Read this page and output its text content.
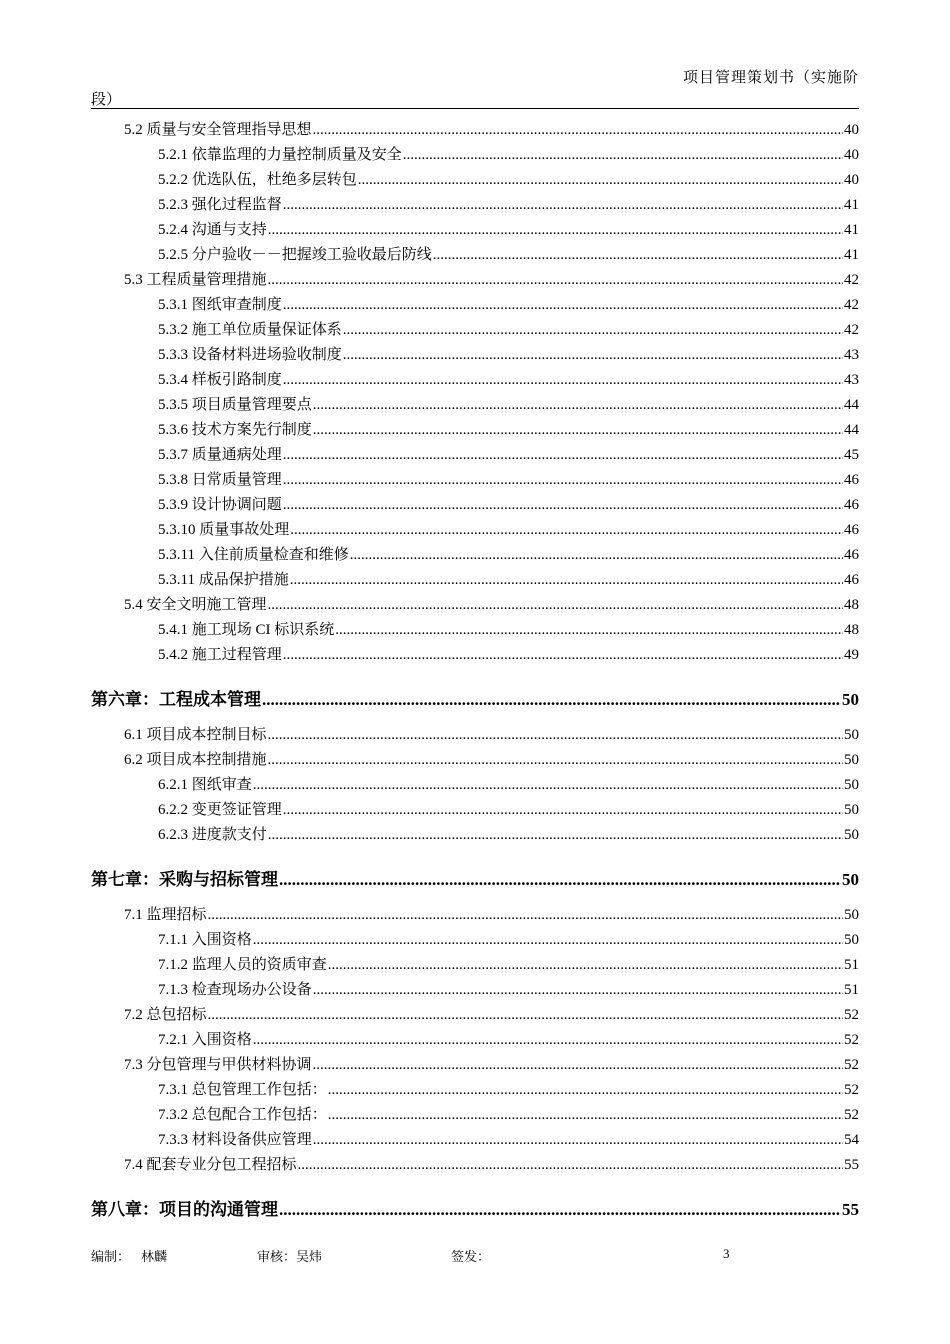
项目管理策划书（实施阶
段）
5.2 质量与安全管理指导思想 .....	40
5.2.1 依靠监理的力量控制质量及安全 .....	40
5.2.2 优选队伍，杜绝多层转包 .....	40
5.2.3 强化过程监督 .....	41
5.2.4 沟通与支持 .....	41
5.2.5 分户验收－－把握竣工验收最后防线 .....	41
5.3 工程质量管理措施 .....	42
5.3.1 图纸审查制度 .....	42
5.3.2 施工单位质量保证体系 .....	42
5.3.3 设备材料进场验收制度 .....	43
5.3.4 样板引路制度 .....	43
5.3.5 项目质量管理要点 .....	44
5.3.6 技术方案先行制度 .....	44
5.3.7 质量通病处理 .....	45
5.3.8 日常质量管理 .....	46
5.3.9 设计协调问题 .....	46
5.3.10 质量事故处理 .....	46
5.3.11 入住前质量检查和维修 .....	46
5.3.11 成品保护措施 .....	46
5.4 安全文明施工管理 .....	48
5.4.1 施工现场 CI 标识系统 .....	48
5.4.2 施工过程管理 .....	49
第六章：工程成本管理 .....	50
6.1 项目成本控制目标 .....	50
6.2 项目成本控制措施 .....	50
6.2.1 图纸审查 .....	50
6.2.2 变更签证管理 .....	50
6.2.3 进度款支付 .....	50
第七章：采购与招标管理 .....	50
7.1 监理招标 .....	50
7.1.1 入围资格 .....	50
7.1.2 监理人员的资质审查 .....	51
7.1.3 检查现场办公设备 .....	51
7.2 总包招标 .....	52
7.2.1 入围资格 .....	52
7.3 分包管理与甲供材料协调 .....	52
7.3.1 总包管理工作包括： .....	52
7.3.2 总包配合工作包括： .....	52
7.3.3 材料设备供应管理 .....	54
7.4 配套专业分包工程招标 .....	55
第八章：项目的沟通管理 .....	55
编制： 林麟	审核：吴炜	签发：	3
